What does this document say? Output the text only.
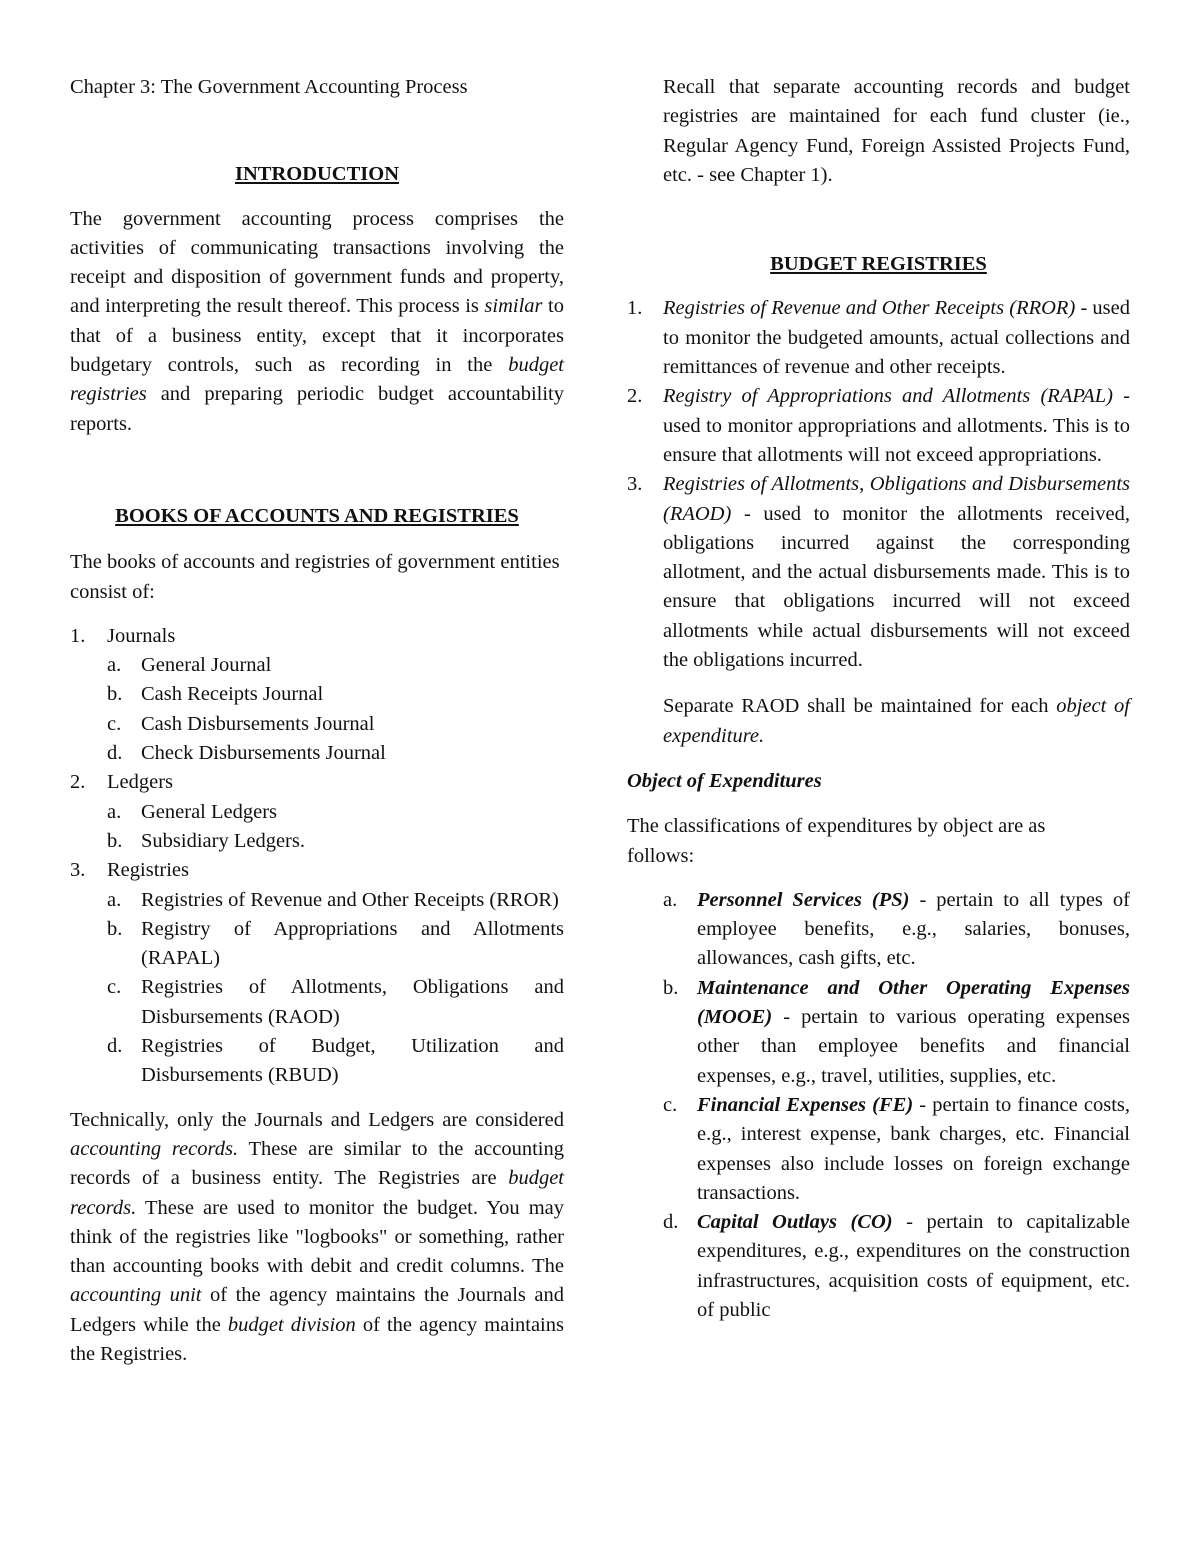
Chapter 3: The Government Accounting Process
INTRODUCTION

The government accounting process comprises the activities of communicating transactions involving the receipt and disposition of government funds and property, and interpreting the result thereof. This process is similar to that of a business entity, except that it incorporates budgetary controls, such as recording in the budget registries and preparing periodic budget accountability reports.

BOOKS OF ACCOUNTS AND REGISTRIES

The books of accounts and registries of government entities consist of:

1. Journals
a. General Journal
b. Cash Receipts Journal
c. Cash Disbursements Journal
d. Check Disbursements Journal
2. Ledgers
a. General Ledgers
b. Subsidiary Ledgers.
3. Registries
a. Registries of Revenue and Other Receipts (RROR)
b. Registry of Appropriations and Allotments (RAPAL)
c. Registries of Allotments, Obligations and Disbursements (RAOD)
d. Registries of Budget, Utilization and Disbursements (RBUD)

Technically, only the Journals and Ledgers are considered accounting records. These are similar to the accounting records of a business entity. The Registries are budget records. These are used to monitor the budget. You may think of the registries like "logbooks" or something, rather than accounting books with debit and credit columns. The accounting unit of the agency maintains the Journals and Ledgers while the budget division of the agency maintains the Registries.

Recall that separate accounting records and budget registries are maintained for each fund cluster (ie., Regular Agency Fund, Foreign Assisted Projects Fund, etc. - see Chapter 1).

BUDGET REGISTRIES
1. Registries of Revenue and Other Receipts (RROR) - used to monitor the budgeted amounts, actual collections and remittances of revenue and other receipts.
2. Registry of Appropriations and Allotments (RAPAL) - used to monitor appropriations and allotments. This is to ensure that allotments will not exceed appropriations.
3. Registries of Allotments, Obligations and Disbursements (RAOD) - used to monitor the allotments received, obligations incurred against the corresponding allotment, and the actual disbursements made. This is to ensure that obligations incurred will not exceed allotments while actual disbursements will not exceed the obligations incurred.

Separate RAOD shall be maintained for each object of expenditure.

Object of Expenditures

The classifications of expenditures by object are as follows:

a. Personnel Services (PS) - pertain to all types of employee benefits, e.g., salaries, bonuses, allowances, cash gifts, etc.
b. Maintenance and Other Operating Expenses (MOOE) - pertain to various operating expenses other than employee benefits and financial expenses, e.g., travel, utilities, supplies, etc.
c. Financial Expenses (FE) - pertain to finance costs, e.g., interest expense, bank charges, etc. Financial expenses also include losses on foreign exchange transactions.
d. Capital Outlays (CO) - pertain to capitalizable expenditures, e.g., expenditures on the construction infrastructures, acquisition costs of equipment, etc. of public
